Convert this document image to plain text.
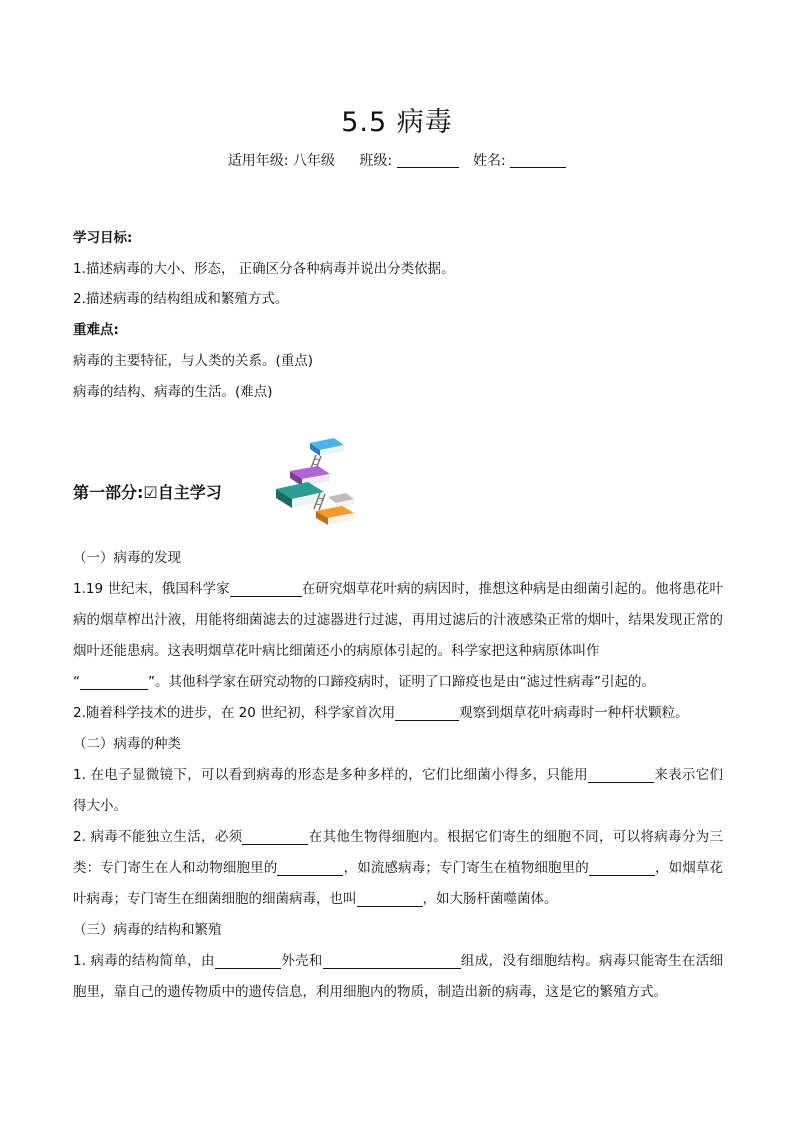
5.5 病毒
适用年级: 八年级 班级:	姓名:
学习目标:
1.描述病毒的大小、形态， 正确区分各种病毒并说出分类依据。
2.描述病毒的结构组成和繁殖方式。
重难点:
病毒的主要特征，与人类的关系。(重点)
病毒的结构、病毒的生活。(难点)
第一部分:☑自主学习
（一）病毒的发现
1.19 世纪末，俄国科学家	在研究烟草花叶病的病因时，推想这种病是由细菌引起的。他将患花叶病的烟草榨出汁液，用能将细菌滤去的过滤器进行过滤，再用过滤后的汁液感染正常的烟叶，结果发现正常的烟叶还能患病。这表明烟草花叶病比细菌还小的病原体引起的。科学家把这种病原体叫作
“	”。其他科学家在研究动物的口蹄疫病时，证明了口蹄疫也是由“滤过性病毒”引起的。
2.随着科学技术的进步，在 20 世纪初，科学家首次用	观察到烟草花叶病毒时一种杆状颗粒。
（二）病毒的种类
1. 在电子显微镜下，可以看到病毒的形态是多种多样的，它们比细菌小得多，只能用	来表示它们得大小。
2. 病毒不能独立生活，必须	在其他生物得细胞内。根据它们寄生的细胞不同，可以将病毒分为三类：专门寄生在人和动物细胞里的	，如流感病毒；专门寄生在植物细胞里的	，如烟草花叶病毒；专门寄生在细菌细胞的细菌病毒，也叫	，如大肠杆菌噬菌体。
（三）病毒的结构和繁殖
1. 病毒的结构简单，由	外壳和	组成，没有细胞结构。病毒只能寄生在活细胞里，靠自己的遗传物质中的遗传信息，利用细胞内的物质，制造出新的病毒，这是它的繁殖方式。
